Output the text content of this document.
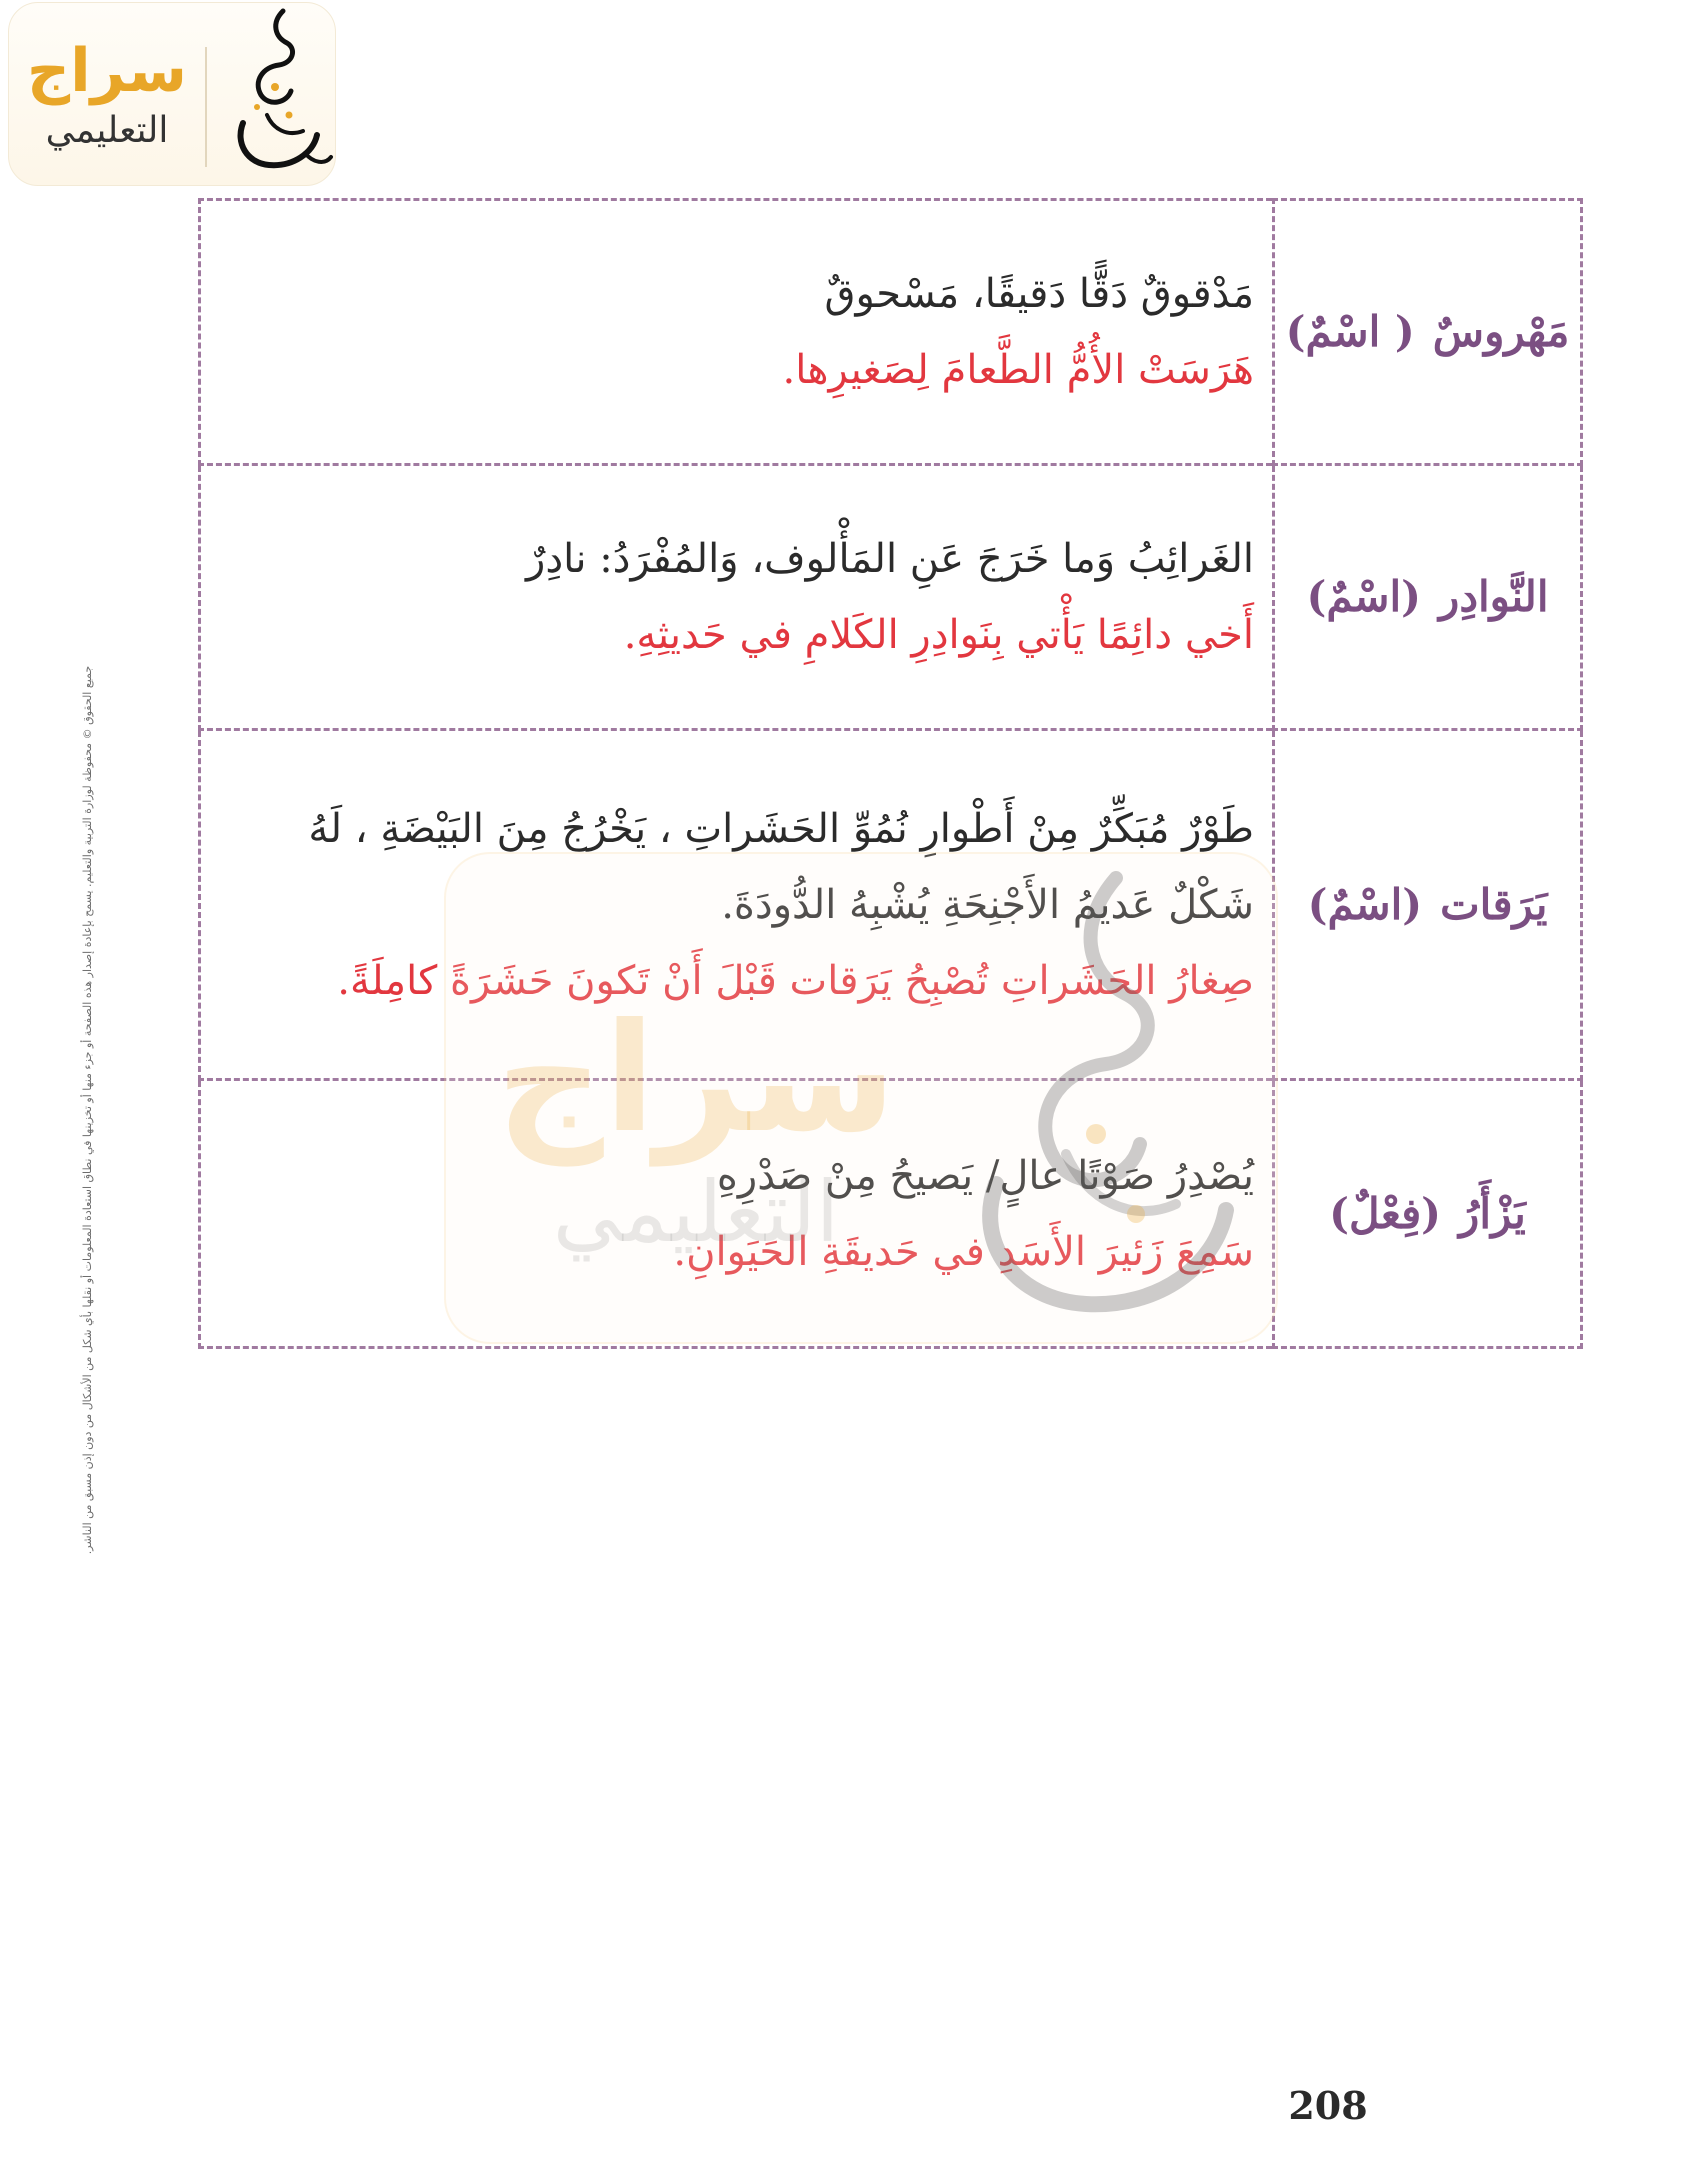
سراج
التعليمي
جميع الحقوق © محفوظة لوزارة التربية والتعليم. يسمح بإعادة إصدار هذه الصفحة أو جزء منها أو تخزينها في نطاق استعادة المعلومات أو نقلها بأي شكل من الأشكال من دون إذن مسبق من الناشر.
مَهْروسٌ( اسْمٌ)	مَدْقوقٌ دَقًّا دَقيقًا، مَسْحوقٌ
هَرَسَتْ الأُمُّ الطَّعامَ لِصَغيرِها.

النَّوادِر(اسْمٌ)	الغَرائِبُ وَما خَرَجَ عَنِ المَأْلوف، وَالمُفْرَدُ: نادِرٌ
أَخي دائِمًا يَأْتي بِنَوادِرِ الكَلامِ في حَديثِهِ.

يَرَقات(اسْمٌ)	طَوْرٌ مُبَكِّرٌ مِنْ أَطْوارِ نُمُوِّ الحَشَراتِ ، يَخْرُجُ مِنَ البَيْضَةِ ، لَهُ شَكْلٌ عَديمُ الأَجْنِحَةِ يُشْبِهُ الدُّودَةَ.
صِغارُ الحَشَراتِ تُصْبِحُ يَرَقات قَبْلَ أَنْ تَكونَ حَشَرَةً كامِلَةً.

يَزْأَرُ(فِعْلٌ)	يُصْدِرُ صَوْتًا عالٍ/ يَصيحُ مِنْ صَدْرِهِ
سَمِعَ زَئيرَ الأَسَدِ في حَديقَةِ الحَيَوانِ.
سراج
التعليمي
208
